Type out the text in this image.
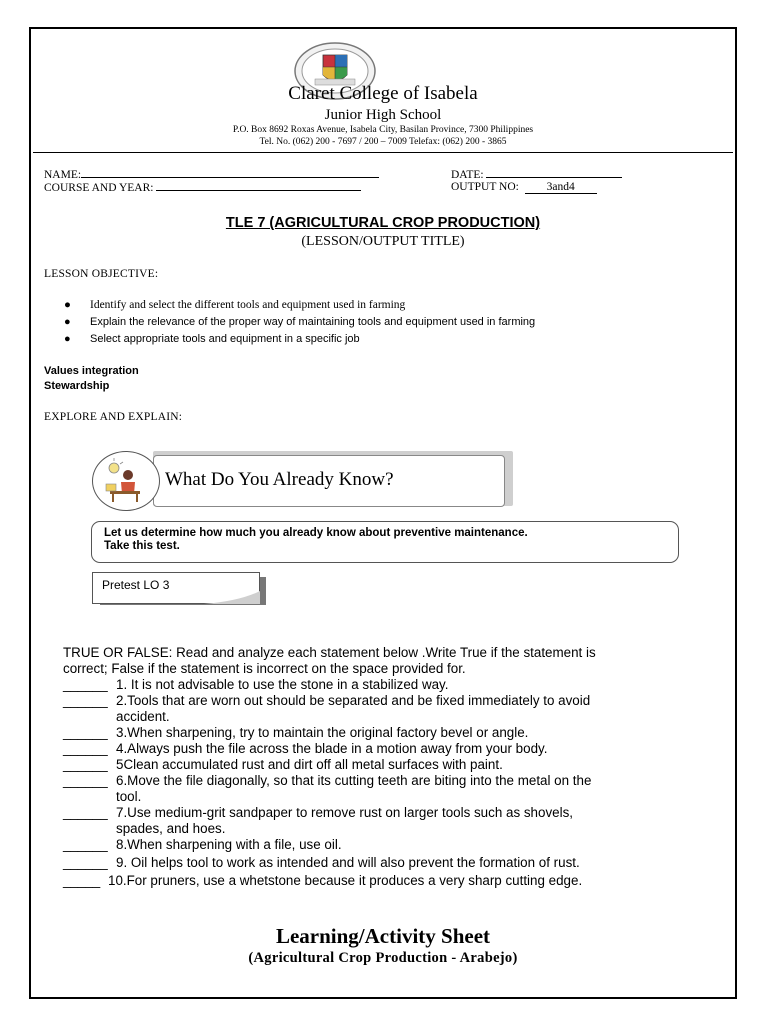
Claret College of Isabela
Junior High School
P.O. Box 8692 Roxas Avenue, Isabela City, Basilan Province, 7300 Philippines
Tel. No. (062) 200 - 7697 / 200 – 7009 Telefax: (062) 200 - 3865
NAME:
COURSE AND YEAR:
DATE:
OUTPUT NO: 3and4
TLE 7 (AGRICULTURAL CROP PRODUCTION)
(LESSON/OUTPUT TITLE)
LESSON OBJECTIVE:
● Identify and select the different tools and equipment used in farming
● Explain the relevance of the proper way of maintaining tools and equipment used in farming
● Select appropriate tools and equipment in a specific job
Values integration
Stewardship
EXPLORE AND EXPLAIN:
What Do You Already Know?
Let us determine how much you already know about preventive maintenance.
Take this test.
Pretest LO 3
TRUE OR FALSE: Read and analyze each statement below .Write True if the statement is
correct; False if the statement is incorrect on the space provided for.
______ 1. It is not advisable to use the stone in a stabilized way.
______ 2.Tools that are worn out should be separated and be fixed immediately to avoid
accident.
______ 3.When sharpening, try to maintain the original factory bevel or angle.
______ 4.Always push the file across the blade in a motion away from your body.
______ 5Clean accumulated rust and dirt off all metal surfaces with paint.
______ 6.Move the file diagonally, so that its cutting teeth are biting into the metal on the
tool.
______ 7.Use medium-grit sandpaper to remove rust on larger tools such as shovels,
spades, and hoes.
______ 8.When sharpening with a file, use oil.
______ 9. Oil helps tool to work as intended and will also prevent the formation of rust.
_____ 10.For pruners, use a whetstone because it produces a very sharp cutting edge.
Learning/Activity Sheet
(Agricultural Crop Production - Arabejo)
